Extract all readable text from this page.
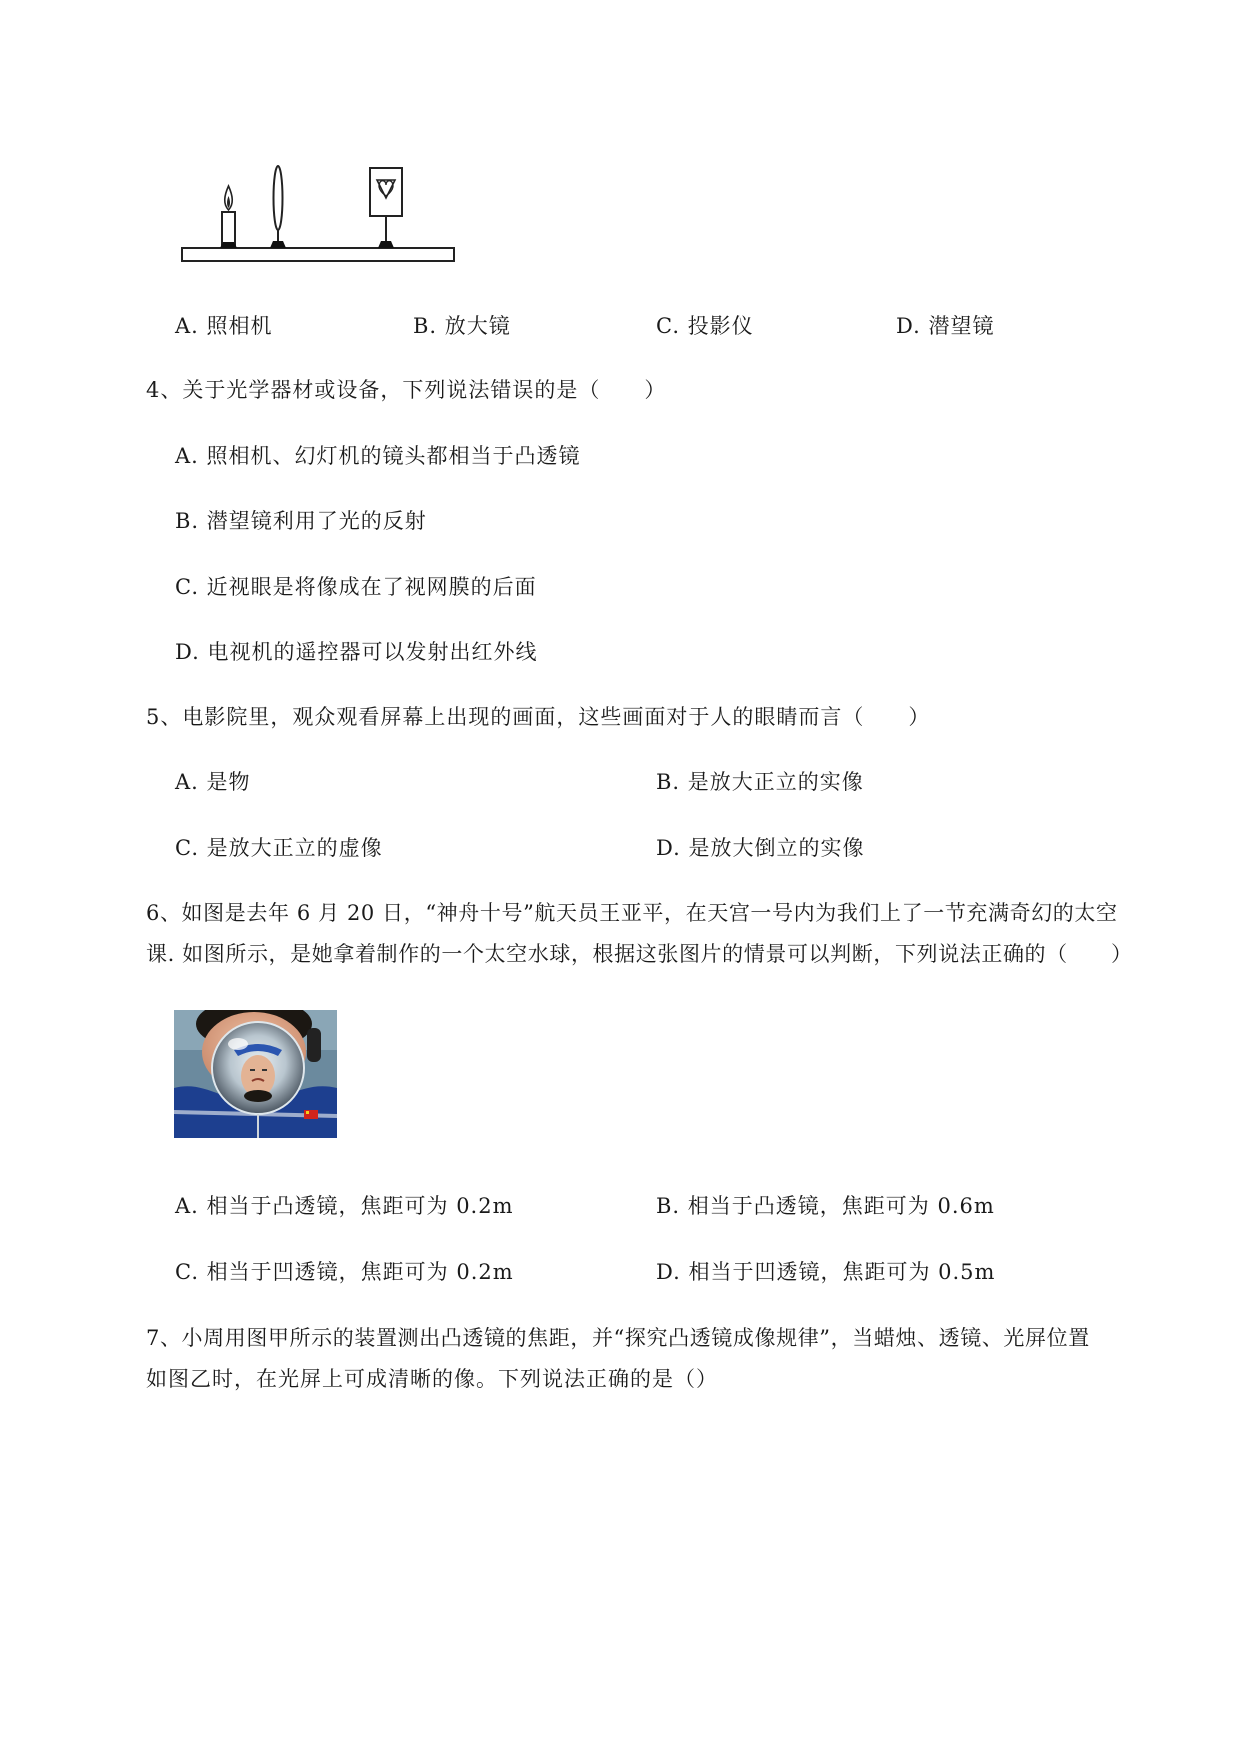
A. 照相机	B. 放大镜	C. 投影仪	D. 潜望镜
4、关于光学器材或设备，下列说法错误的是（　　）
A. 照相机、幻灯机的镜头都相当于凸透镜
B. 潜望镜利用了光的反射
C. 近视眼是将像成在了视网膜的后面
D. 电视机的遥控器可以发射出红外线
5、电影院里，观众观看屏幕上出现的画面，这些画面对于人的眼睛而言（　　）
A. 是物	B. 是放大正立的实像
C. 是放大正立的虚像	D. 是放大倒立的实像
6、如图是去年 6 月 20 日，“神舟十号”航天员王亚平，在天宫一号内为我们上了一节充满奇幻的太空
课. 如图所示，是她拿着制作的一个太空水球，根据这张图片的情景可以判断，下列说法正确的（　　）
A. 相当于凸透镜，焦距可为 0.2m	B. 相当于凸透镜，焦距可为 0.6m
C. 相当于凹透镜，焦距可为 0.2m	D. 相当于凹透镜，焦距可为 0.5m
7、小周用图甲所示的装置测出凸透镜的焦距，并“探究凸透镜成像规律”，当蜡烛、透镜、光屏位置
如图乙时，在光屏上可成清晰的像。下列说法正确的是（）
